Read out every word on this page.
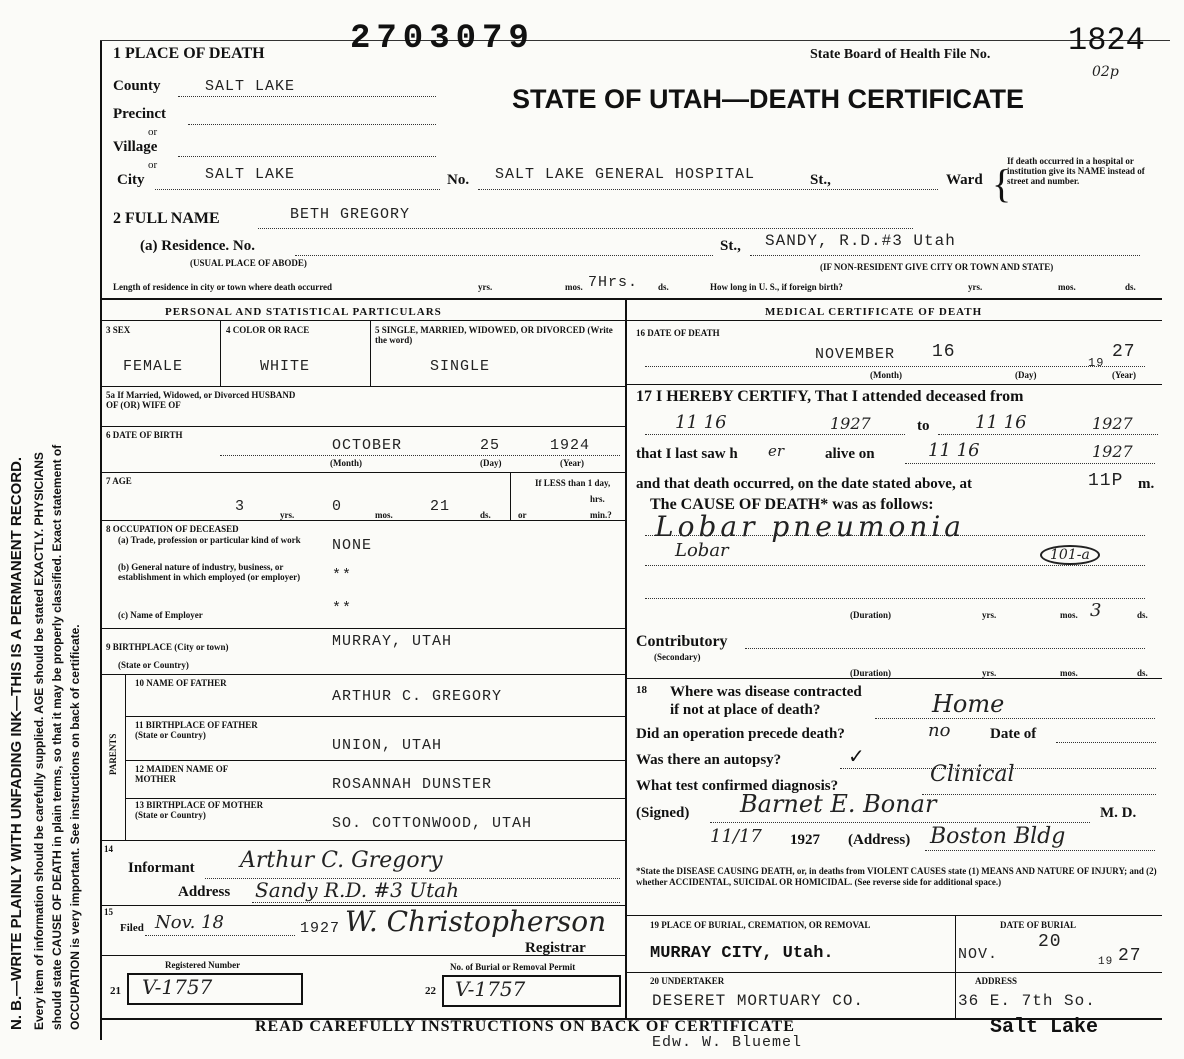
N. B.—WRITE PLAINLY WITH UNFADING INK—THIS IS A PERMANENT RECORD. Every item of information should be carefully supplied. AGE should be stated EXACTLY. PHYSICIANS should state CAUSE OF DEATH in plain terms, so that it may be properly classified. Exact statement of OCCUPATION is very important. See instructions on back of certificate.
1 PLACE OF DEATH	2703079	State Board of Health File No. 1824
02p
STATE OF UTAH—DEATH CERTIFICATE
County	SALT LAKE
Precinct
or
Village
or
City	SALT LAKE	No. SALT LAKE GENERAL HOSPITAL	St.,	Ward {
If death occurred in a hospital or institution give its NAME instead of street and number.
2 FULL NAME	BETH GREGORY
(a) Residence. No.
(USUAL PLACE OF ABODE)
St., SANDY, R.D.#3 Utah
(IF NON-RESIDENT GIVE CITY OR TOWN AND STATE)
Length of residence in city or town where death occurred	yrs.	mos. 7Hrs. ds.	How long in U. S., if foreign birth?	yrs.	mos.	ds.
PERSONAL AND STATISTICAL PARTICULARS
3 SEX
FEMALE
4 COLOR OR RACE
WHITE
5 SINGLE, MARRIED, WIDOWED, OR DIVORCED (Write the word)
SINGLE
5a If Married, Widowed, or Divorced HUSBAND OF (OR) WIFE OF
6 DATE OF BIRTH
OCTOBER	25	1924
(Month)	(Day)	(Year)
7 AGE
3	yrs.	0	mos. 21	ds.
If LESS than 1 day,
hrs.
or	min.?
8 OCCUPATION OF DECEASED
(a) Trade, profession or particular kind of work	NONE
(b) General nature of industry, business, or establishment in which employed (or employer)	**
(c) Name of Employer	**
9 BIRTHPLACE (City or town)	MURRAY, UTAH
(State or Country)
PARENTS
10 NAME OF FATHER
ARTHUR C. GREGORY
11 BIRTHPLACE OF FATHER (State or Country)
UNION, UTAH
12 MAIDEN NAME OF MOTHER	ROSANNAH DUNSTER
13 BIRTHPLACE OF MOTHER (State or Country)	SO. COTTONWOOD, UTAH
14
Informant Arthur C. Gregory
Address Sandy R.D. #3 Utah
15
Filed Nov. 18	1927 W. Christopherson
Registrar
Registered Number
21 V-1757
No. of Burial or Removal Permit
22 V-1757
MEDICAL CERTIFICATE OF DEATH
16 DATE OF DEATH
NOVEMBER 16
19
27
(Month)	(Day)	(Year)
17 I HEREBY CERTIFY, That I attended deceased from
11 16	1927	to	11 16	1927
that I last saw h er	alive on	11 16	1927
and that death occurred, on the date stated above, at	11P m.
The CAUSE OF DEATH* was as follows:
Lobar pneumonia
Lobar	101-a
(Duration)	yrs.	mos. 3	ds.
Contributory
(Secondary)
(Duration)	yrs.	mos.	ds.
18 Where was disease contracted
if not at place of death?	Home
Did an operation precede death?	no	Date of
Was there an autopsy?	✓
What test confirmed diagnosis?	Clinical
(Signed) Barnet E. Bonar	M. D.
11/17 1927 (Address) Boston Bldg
*State the DISEASE CAUSING DEATH, or, in deaths from VIOLENT CAUSES state (1) MEANS AND NATURE OF INJURY; and (2) whether ACCIDENTAL, SUICIDAL OR HOMICIDAL. (See reverse side for additional space.)
19 PLACE OF BURIAL, CREMATION, OR REMOVAL
MURRAY CITY, Utah.
DATE OF BURIAL
NOV.
20
19 27
20 UNDERTAKER
DESERET MORTUARY CO.
ADDRESS
36 E. 7th So.
READ CAREFULLY INSTRUCTIONS ON BACK OF CERTIFICATE	Salt Lake
Edw. W. Bluemel
